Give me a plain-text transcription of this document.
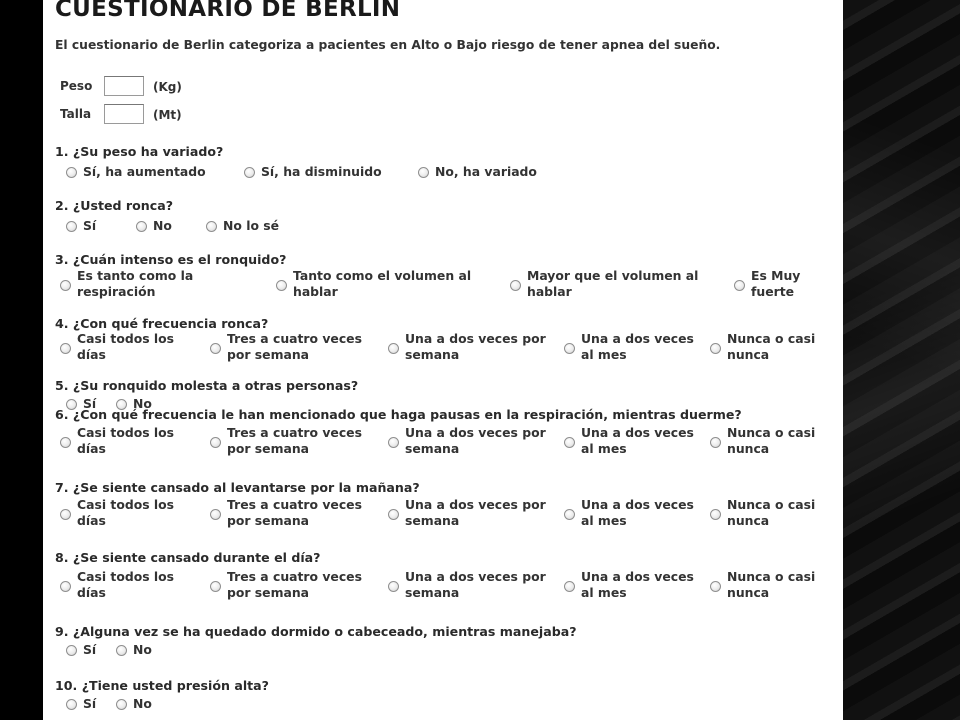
CUESTIONARIO DE BERLIN
El cuestionario de Berlin categoriza a pacientes en Alto o Bajo riesgo de tener apnea del sueño.
Peso	(Kg)
Talla	(Mt)
1. ¿Su peso ha variado?
Sí, ha aumentado	Sí, ha disminuido	No, ha variado
2. ¿Usted ronca?
Sí	No	No lo sé
3. ¿Cuán intenso es el ronquido?
Es tanto como la
respiración
Tanto como el volumen al
hablar
Mayor que el volumen al
hablar
Es Muy
fuerte
4. ¿Con qué frecuencia ronca?
Casi todos los
días
Tres a cuatro veces
por semana
Una a dos veces por
semana
Una a dos veces
al mes
Nunca o casi
nunca
5. ¿Su ronquido molesta a otras personas?
Sí	No
6. ¿Con qué frecuencia le han mencionado que haga pausas en la respiración, mientras duerme?
Casi todos los
días
Tres a cuatro veces
por semana
Una a dos veces por
semana
Una a dos veces
al mes
Nunca o casi
nunca
7. ¿Se siente cansado al levantarse por la mañana?
Casi todos los
días
Tres a cuatro veces
por semana
Una a dos veces por
semana
Una a dos veces
al mes
Nunca o casi
nunca
8. ¿Se siente cansado durante el día?
Casi todos los
días
Tres a cuatro veces
por semana
Una a dos veces por
semana
Una a dos veces
al mes
Nunca o casi
nunca
9. ¿Alguna vez se ha quedado dormido o cabeceado, mientras manejaba?
Sí	No
10. ¿Tiene usted presión alta?
Sí	No
